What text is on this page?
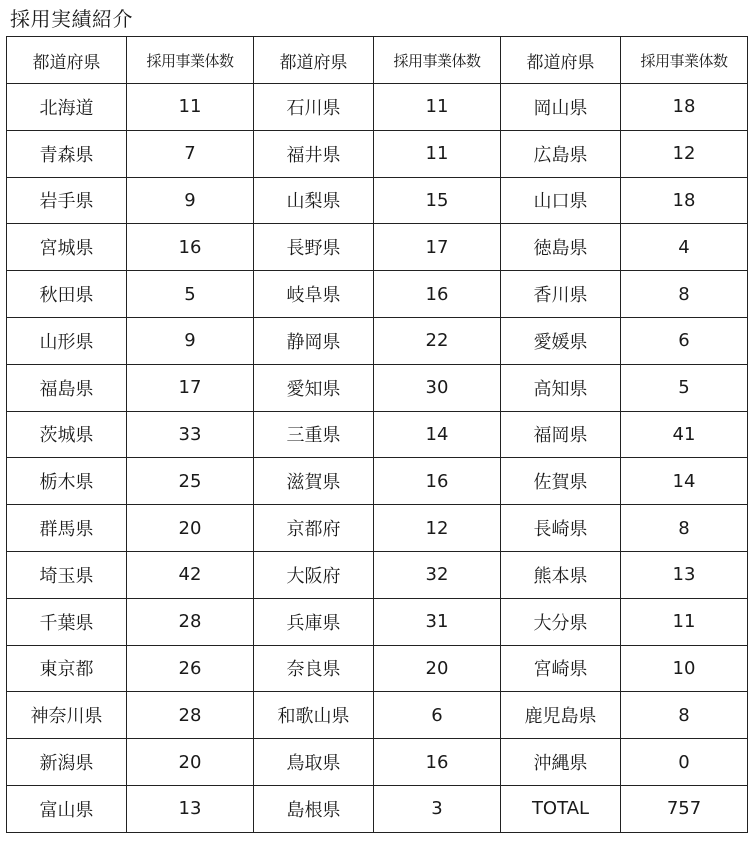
採用実績紹介
都道府県	採用事業体数	都道府県	採用事業体数	都道府県	採用事業体数
北海道	11	石川県	11	岡山県	18
青森県	7	福井県	11	広島県	12
岩手県	9	山梨県	15	山口県	18
宮城県	16	長野県	17	徳島県	4
秋田県	5	岐阜県	16	香川県	8
山形県	9	静岡県	22	愛媛県	6
福島県	17	愛知県	30	高知県	5
茨城県	33	三重県	14	福岡県	41
栃木県	25	滋賀県	16	佐賀県	14
群馬県	20	京都府	12	長崎県	8
埼玉県	42	大阪府	32	熊本県	13
千葉県	28	兵庫県	31	大分県	11
東京都	26	奈良県	20	宮崎県	10
神奈川県	28	和歌山県	6	鹿児島県	8
新潟県	20	鳥取県	16	沖縄県	0
富山県	13	島根県	3	TOTAL	757
